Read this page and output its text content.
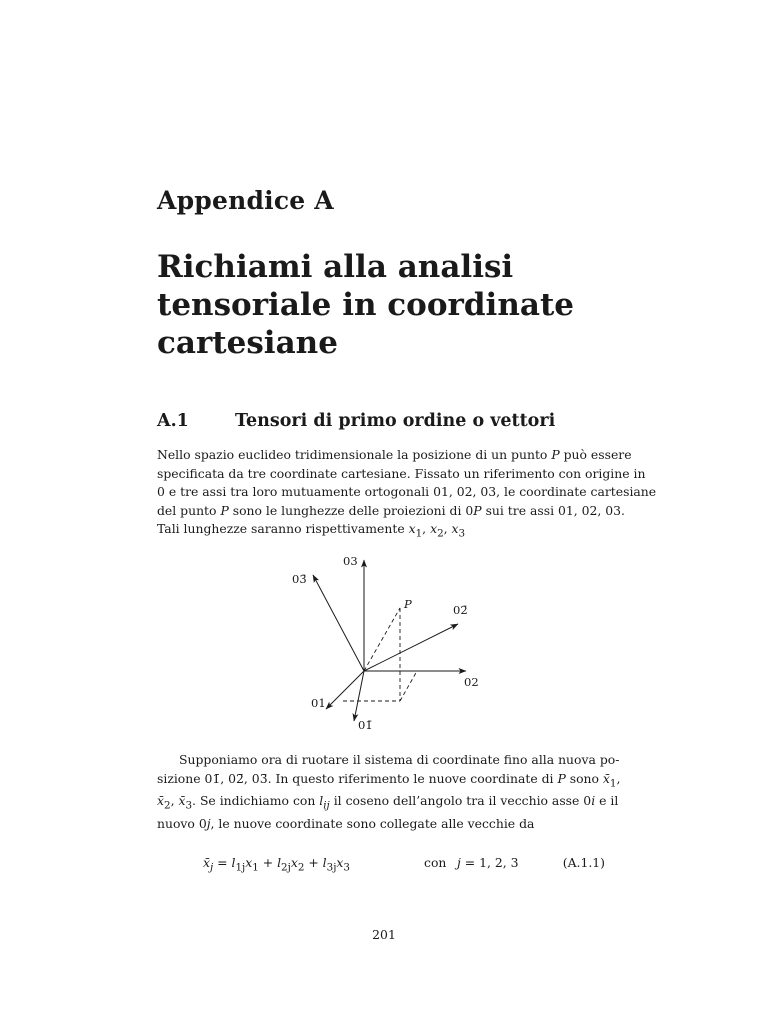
Appendice A
Richiami alla analisi
tensoriale in coordinate
cartesiane
A.1	Tensori di primo ordine o vettori
Nello spazio euclideo tridimensionale la posizione di un punto P può essere
specificata da tre coordinate cartesiane. Fissato un riferimento con origine in
0 e tre assi tra loro mutuamente ortogonali 01, 02, 03, le coordinate cartesiane
del punto P sono le lunghezze delle proiezioni di 0P sui tre assi 01, 02, 03.
Tali lunghezze saranno rispettivamente $x_1$, $x_2$, $x_3$
03
03̄
P	02̄
02
01
01̄
Supponiamo ora di ruotare il sistema di coordinate fino alla nuova po-
sizione 01̄, 02̄, 03̄. In questo riferimento le nuove coordinate di P sono $x̄_1$,
$x̄_2$, $x̄_3$. Se indichiamo con $l_{ij}$ il coseno dell’angolo tra il vecchio asse 0i e il
nuovo 0j, le nuove coordinate sono collegate alle vecchie da
$x̄_j = l_{1j}x_1 + l_{2j}x_2 + l_{3j}x_3$	con j = 1, 2, 3	(A.1.1)
201
